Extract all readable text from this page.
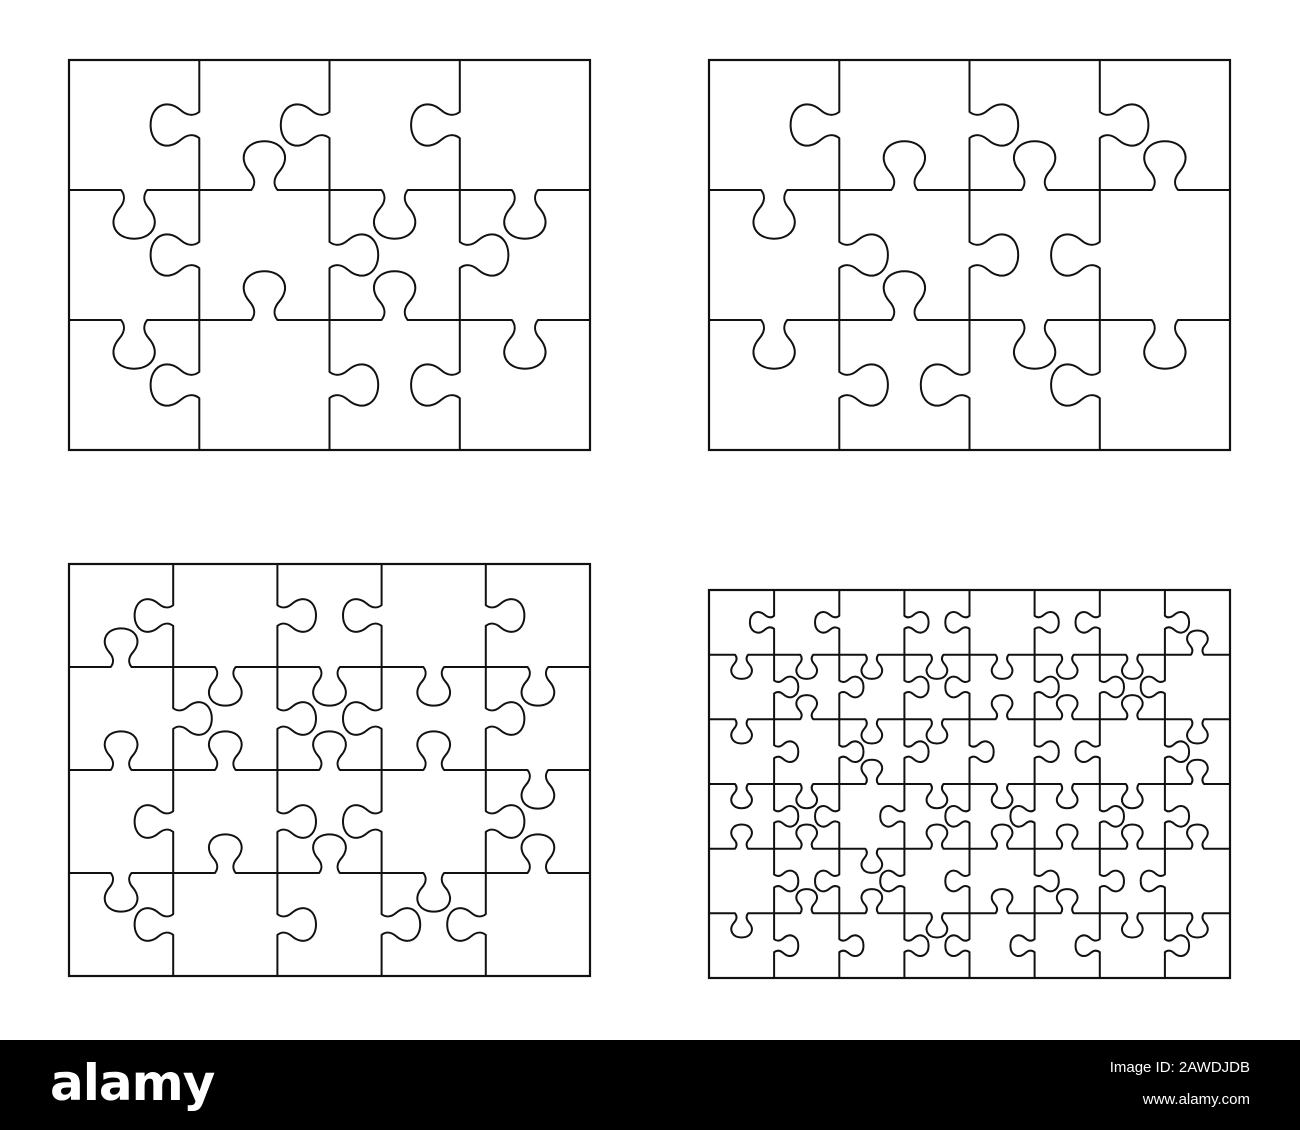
alamy	Image ID: 2AWDJDB
www.alamy.com
